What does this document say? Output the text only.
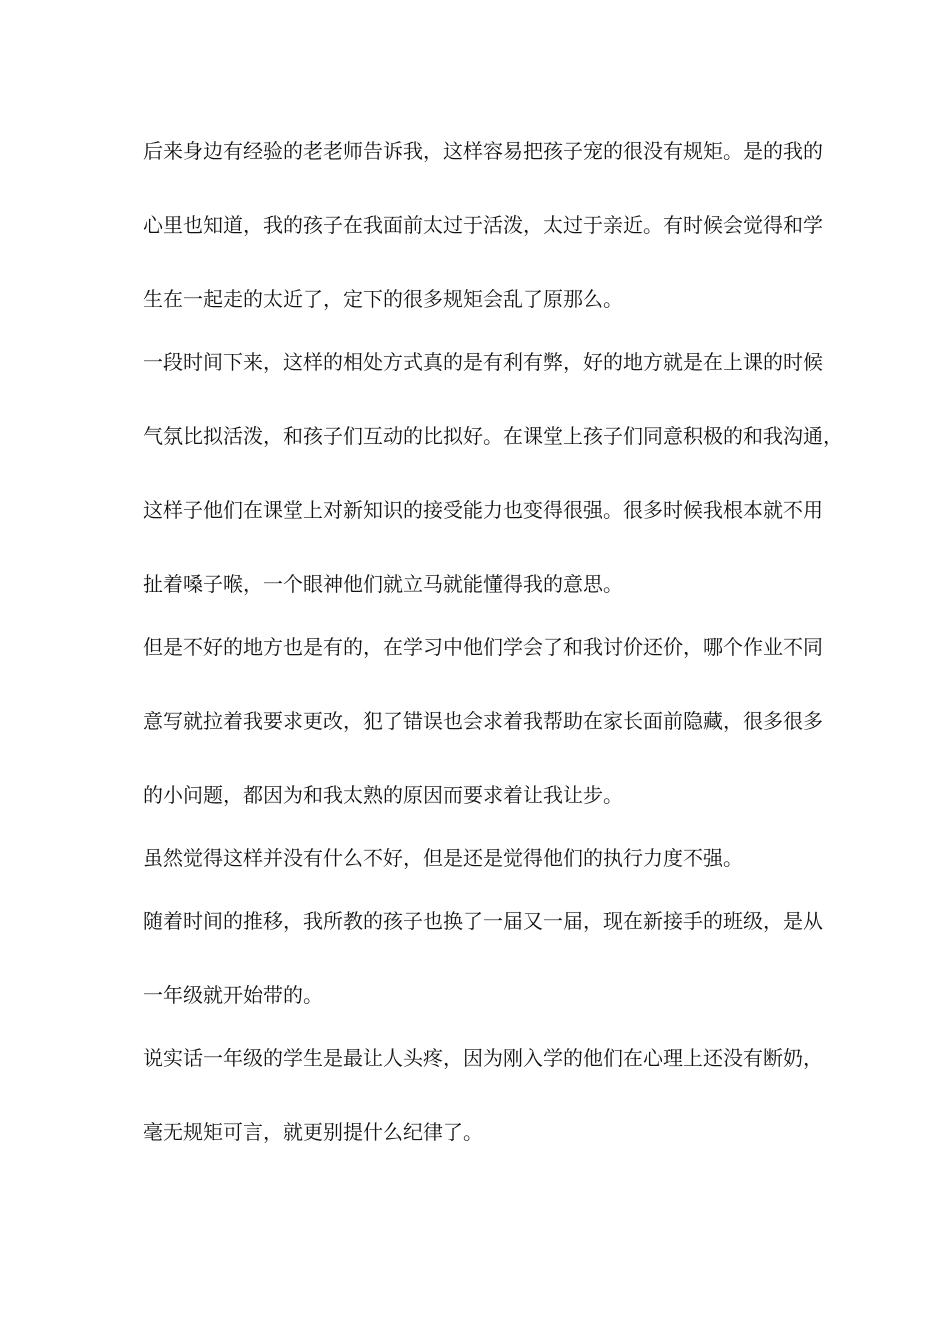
后来身边有经验的老老师告诉我，这样容易把孩子宠的很没有规矩。是的我的
心里也知道，我的孩子在我面前太过于活泼，太过于亲近。有时候会觉得和学
生在一起走的太近了，定下的很多规矩会乱了原那么。
一段时间下来，这样的相处方式真的是有利有弊，好的地方就是在上课的时候
气氛比拟活泼，和孩子们互动的比拟好。在课堂上孩子们同意积极的和我沟通，
这样子他们在课堂上对新知识的接受能力也变得很强。很多时候我根本就不用
扯着嗓子喉，一个眼神他们就立马就能懂得我的意思。
但是不好的地方也是有的，在学习中他们学会了和我讨价还价，哪个作业不同
意写就拉着我要求更改，犯了错误也会求着我帮助在家长面前隐藏，很多很多
的小问题，都因为和我太熟的原因而要求着让我让步。
虽然觉得这样并没有什么不好，但是还是觉得他们的执行力度不强。
随着时间的推移，我所教的孩子也换了一届又一届，现在新接手的班级，是从
一年级就开始带的。
说实话一年级的学生是最让人头疼，因为刚入学的他们在心理上还没有断奶，
毫无规矩可言，就更别提什么纪律了。
